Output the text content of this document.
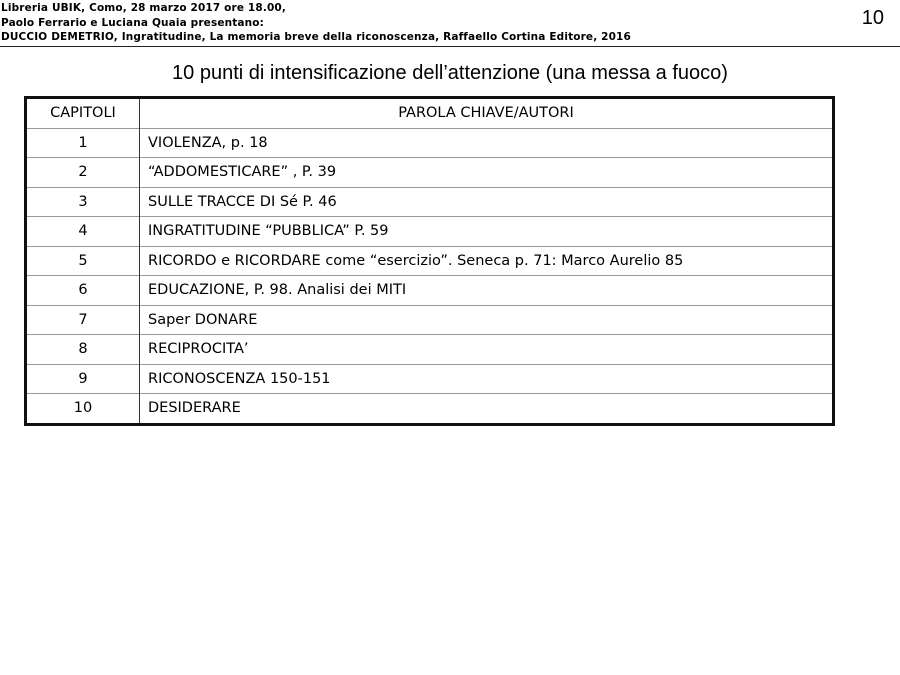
Libreria UBIK, Como, 28 marzo 2017 ore 18.00,
Paolo Ferrario e Luciana Quaia presentano:
DUCCIO DEMETRIO, Ingratitudine, La memoria breve della riconoscenza, Raffaello Cortina Editore, 2016
10
10 punti di intensificazione dell’attenzione (una messa a fuoco)
CAPITOLI	PAROLA CHIAVE/AUTORI
1	VIOLENZA, p. 18
2	“ADDOMESTICARE” , P. 39
3	SULLE TRACCE DI Sé P. 46
4	INGRATITUDINE “PUBBLICA” P. 59
5	RICORDO e RICORDARE come “esercizio”. Seneca p. 71: Marco Aurelio 85
6	EDUCAZIONE, P. 98. Analisi dei MITI
7	Saper DONARE
8	RECIPROCITA’
9	RICONOSCENZA 150-151
10	DESIDERARE
